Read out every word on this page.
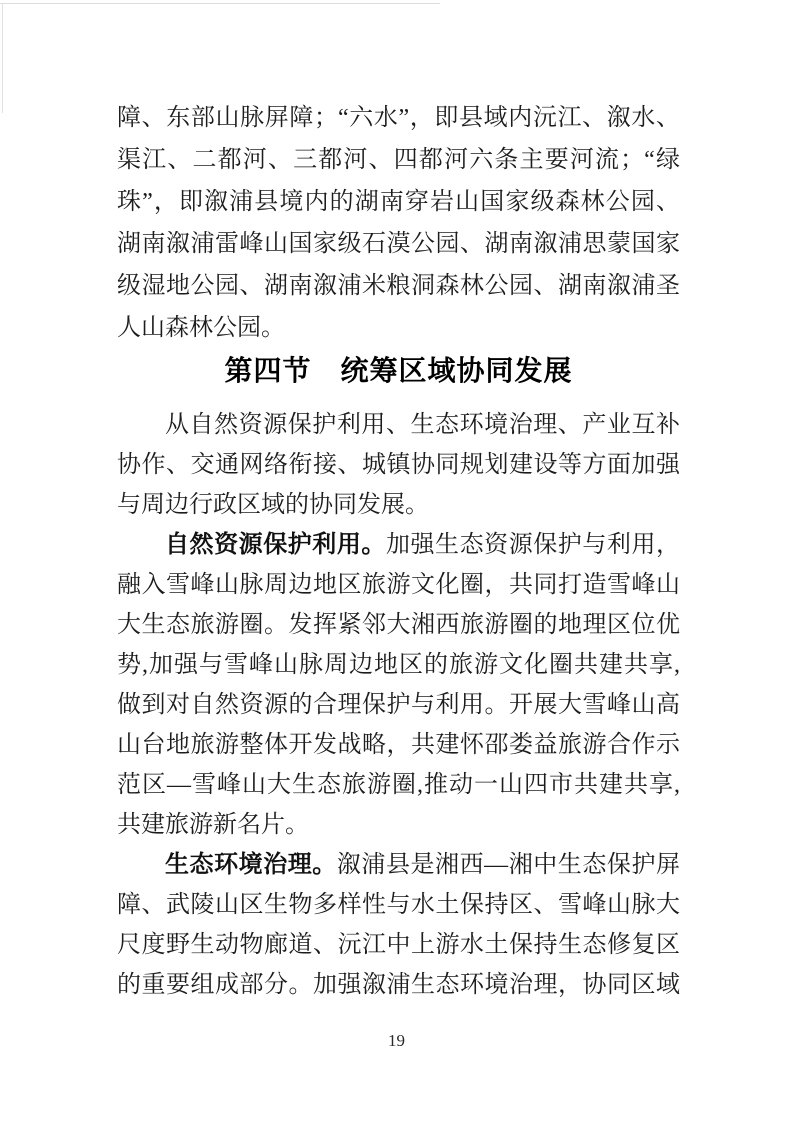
障、东部山脉屏障；“六水”，即县域内沅江、溆水、
渠江、二都河、三都河、四都河六条主要河流；“绿
珠”，即溆浦县境内的湖南穿岩山国家级森林公园、
湖南溆浦雷峰山国家级石漠公园、湖南溆浦思蒙国家
级湿地公园、湖南溆浦米粮洞森林公园、湖南溆浦圣
人山森林公园。
第四节　统筹区域协同发展
从自然资源保护利用、生态环境治理、产业互补
协作、交通网络衔接、城镇协同规划建设等方面加强
与周边行政区域的协同发展。
自然资源保护利用。加强生态资源保护与利用，
融入雪峰山脉周边地区旅游文化圈，共同打造雪峰山
大生态旅游圈。发挥紧邻大湘西旅游圈的地理区位优
势,加强与雪峰山脉周边地区的旅游文化圈共建共享,
做到对自然资源的合理保护与利用。开展大雪峰山高
山台地旅游整体开发战略，共建怀邵娄益旅游合作示
范区—雪峰山大生态旅游圈,推动一山四市共建共享,
共建旅游新名片。
生态环境治理。溆浦县是湘西—湘中生态保护屏
障、武陵山区生物多样性与水土保持区、雪峰山脉大
尺度野生动物廊道、沅江中上游水土保持生态修复区
的重要组成部分。加强溆浦生态环境治理，协同区域
19
